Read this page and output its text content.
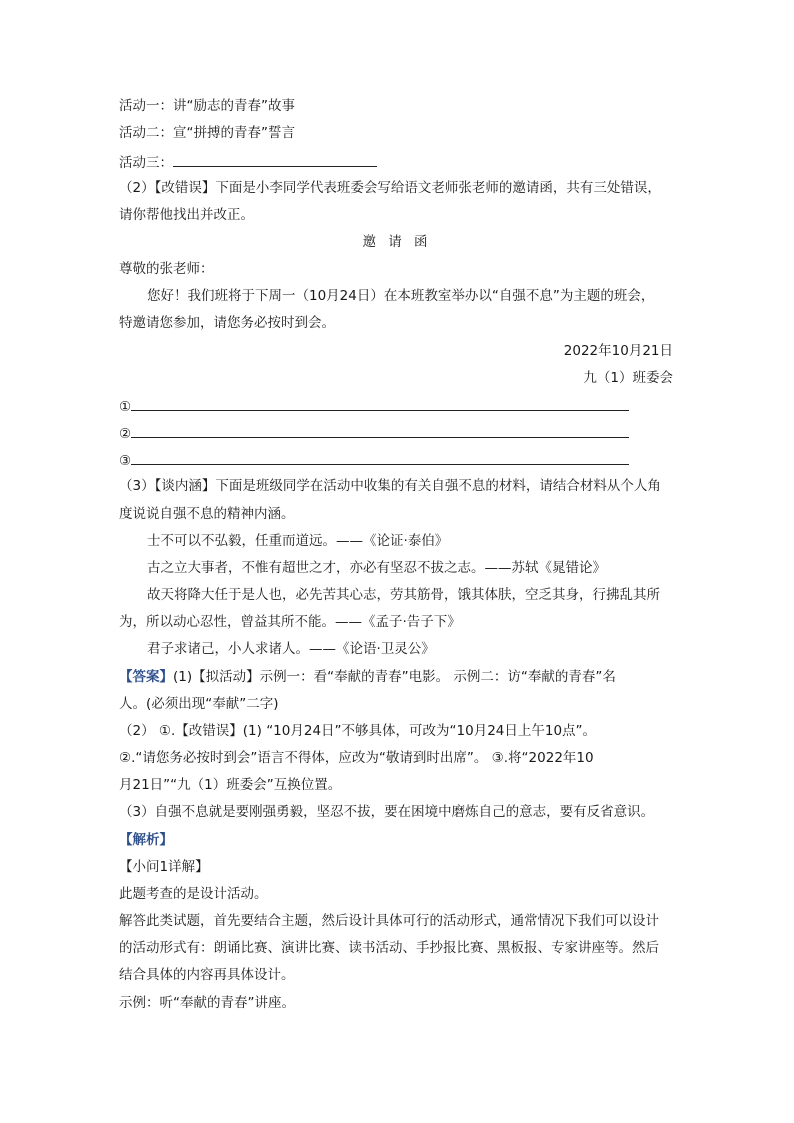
活动一：讲“励志的青春”故事
活动二：宣“拼搏的青春”誓言
活动三：
（2）【改错误】下面是小李同学代表班委会写给语文老师张老师的邀请函，共有三处错误，
请你帮他找出并改正。
邀 请 函
尊敬的张老师：
您好！我们班将于下周一（10月24日）在本班教室举办以“自强不息”为主题的班会，
特邀请您参加，请您务必按时到会。
2022年10月21日
九（1）班委会
①
②
③
（3）【谈内涵】下面是班级同学在活动中收集的有关自强不息的材料，请结合材料从个人角
度说说自强不息的精神内涵。
士不可以不弘毅，任重而道远。——《论证·泰伯》
古之立大事者，不惟有超世之才，亦必有坚忍不拔之志。——苏轼《晁错论》
故天将降大任于是人也，必先苦其心志，劳其筋骨，饿其体肤，空乏其身，行拂乱其所
为，所以动心忍性，曾益其所不能。——《孟子·告子下》
君子求诸己，小人求诸人。——《论语·卫灵公》
【答案】(1)【拟活动】示例一：看“奉献的青春”电影。 示例二：访“奉献的青春”名
人。(必须出现“奉献”二字)
（2） ①.【改错误】(1) “10月24日”不够具体，可改为“10月24日上午10点”。
②.“请您务必按时到会”语言不得体，应改为“敬请到时出席”。 ③.将“2022年10
月21日”“九（1）班委会”互换位置。
（3）自强不息就是要刚强勇毅，坚忍不拔，要在困境中磨炼自己的意志，要有反省意识。
【解析】
【小问1详解】
此题考查的是设计活动。
解答此类试题，首先要结合主题，然后设计具体可行的活动形式，通常情况下我们可以设计
的活动形式有：朗诵比赛、演讲比赛、读书活动、手抄报比赛、黑板报、专家讲座等。然后
结合具体的内容再具体设计。
示例：听“奉献的青春”讲座。
